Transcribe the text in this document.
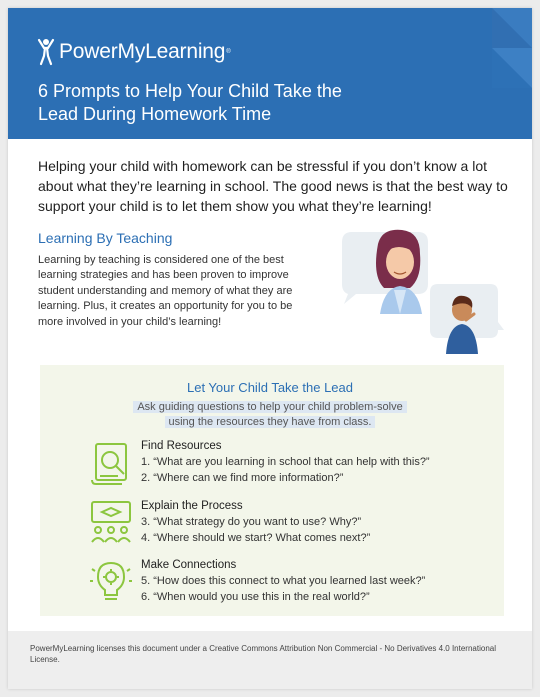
PowerMyLearning ®
6 Prompts to Help Your Child Take the
Lead During Homework Time

Helping your child with homework can be stressful if you don’t know a lot about what they’re learning in school. The good news is that the best way to support your child is to let them show you what they’re learning!

Learning By Teaching

Learning by teaching is considered one of the best learning strategies and has been proven to improve student understanding and memory of what they are learning. Plus, it creates an opportunity for you to be more involved in your child’s learning!

Let Your Child Take the Lead
Ask guiding questions to help your child problem-solve
using the resources they have from class.
Find Resources
1. “What are you learning in school that can help with this?”
2. “Where can we find more information?”
Explain the Process
3. “What strategy do you want to use? Why?”
4. “Where should we start? What comes next?”
Make Connections
5. “How does this connect to what you learned last week?”
6. “When would you use this in the real world?”

PowerMyLearning licenses this document under a Creative Commons Attribution Non Commercial - No Derivatives 4.0 International License.
